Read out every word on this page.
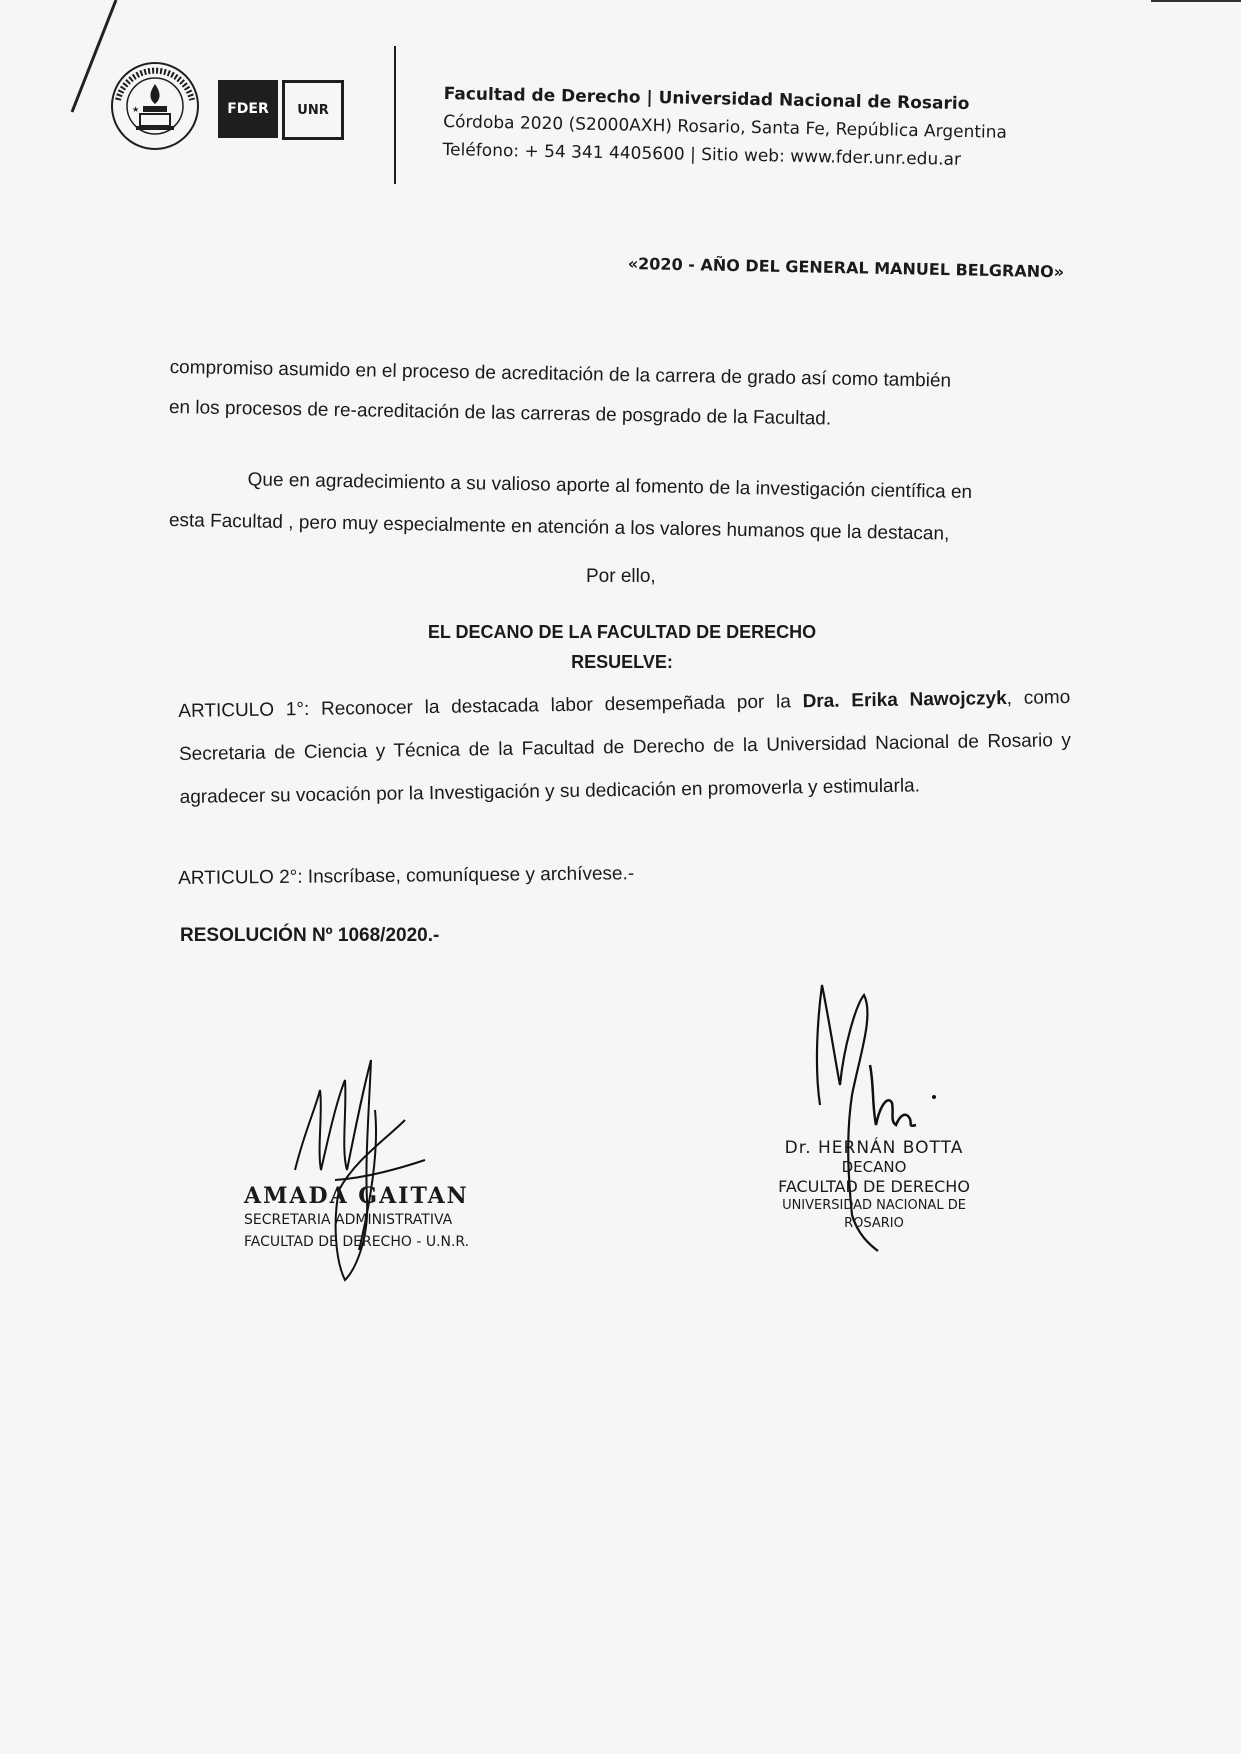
★	FDER UNR	Facultad de Derecho | Universidad Nacional de Rosario
Córdoba 2020 (S2000AXH) Rosario, Santa Fe, República Argentina
Teléfono: + 54 341 4405600 | Sitio web: www.fder.unr.edu.ar
«2020 - AÑO DEL GENERAL MANUEL BELGRANO»
compromiso asumido en el proceso de acreditación de la carrera de grado así como también
en los procesos de re-acreditación de las carreras de posgrado de la Facultad.
Que en agradecimiento a su valioso aporte al fomento de la investigación científica en
esta Facultad , pero muy especialmente en atención a los valores humanos que la destacan,
Por ello,
EL DECANO DE LA FACULTAD DE DERECHO
RESUELVE:
ARTICULO 1°: Reconocer la destacada labor desempeñada por la Dra. Erika Nawojczyk, como Secretaria de Ciencia y Técnica de la Facultad de Derecho de la Universidad Nacional de Rosario y agradecer su vocación por la Investigación y su dedicación en promoverla y estimularla.
ARTICULO 2°: Inscríbase, comuníquese y archívese.-
RESOLUCIÓN Nº 1068/2020.-
AMADA GAITAN
SECRETARIA ADMINISTRATIVA
FACULTAD DE DERECHO - U.N.R.
Dr. HERNÁN BOTTA
DECANO
FACULTAD DE DERECHO
UNIVERSIDAD NACIONAL DE ROSARIO
